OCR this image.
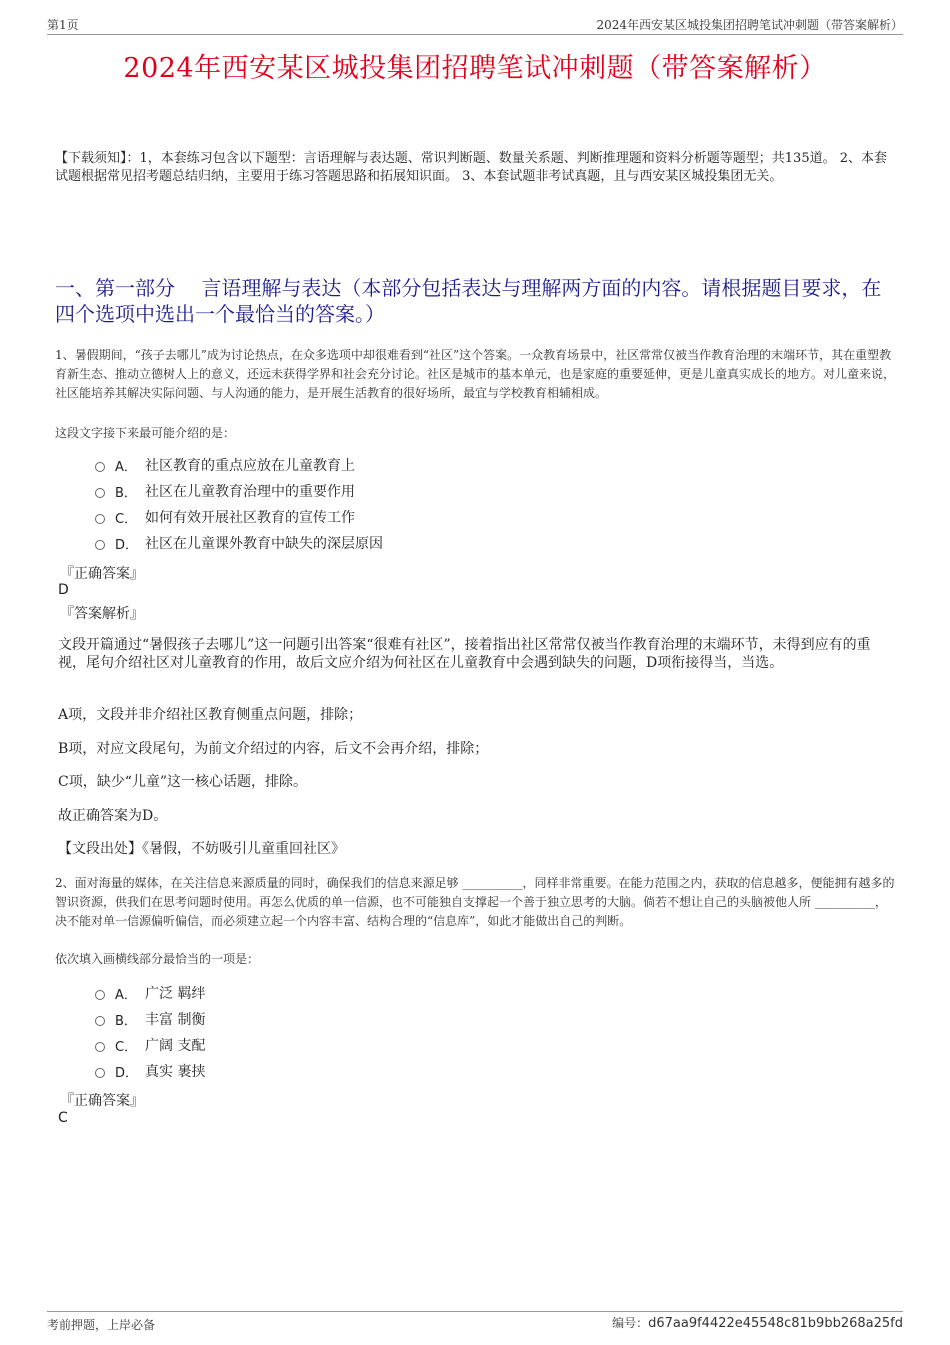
第1页	2024年西安某区城投集团招聘笔试冲刺题（带答案解析）
2024年西安某区城投集团招聘笔试冲刺题（带答案解析）
【下载须知】：1，本套练习包含以下题型：言语理解与表达题、常识判断题、数量关系题、判断推理题和资料分析题等题型；共135道。 2、本套试题根据常见招考题总结归纳，主要用于练习答题思路和拓展知识面。 3、本套试题非考试真题，且与西安某区城投集团无关。
一、第一部分　 言语理解与表达（本部分包括表达与理解两方面的内容。请根据题目要求，在四个选项中选出一个最恰当的答案。）
1、暑假期间，“孩子去哪儿”成为讨论热点，在众多选项中却很难看到“社区”这个答案。一众教育场景中，社区常常仅被当作教育治理的末端环节，其在重塑教育新生态、推动立德树人上的意义，还远未获得学界和社会充分讨论。社区是城市的基本单元，也是家庭的重要延伸，更是儿童真实成长的地方。对儿童来说，社区能培养其解决实际问题、与人沟通的能力，是开展生活教育的很好场所，最宜与学校教育相辅相成。
这段文字接下来最可能介绍的是：
A． 社区教育的重点应放在儿童教育上
B． 社区在儿童教育治理中的重要作用
C． 如何有效开展社区教育的宣传工作
D． 社区在儿童课外教育中缺失的深层原因
『正确答案』
D
『答案解析』
文段开篇通过“暑假孩子去哪儿”这一问题引出答案“很难有社区”，接着指出社区常常仅被当作教育治理的末端环节，未得到应有的重视，尾句介绍社区对儿童教育的作用，故后文应介绍为何社区在儿童教育中会遇到缺失的问题，D项衔接得当，当选。
A项，文段并非介绍社区教育侧重点问题，排除；
B项，对应文段尾句，为前文介绍过的内容，后文不会再介绍，排除；
C项，缺少“儿童”这一核心话题，排除。
故正确答案为D。
【文段出处】《暑假，不妨吸引儿童重回社区》
2、面对海量的媒体，在关注信息来源质量的同时，确保我们的信息来源足够 __________，同样非常重要。在能力范围之内，获取的信息越多，便能拥有越多的智识资源，供我们在思考问题时使用。再怎么优质的单一信源，也不可能独自支撑起一个善于独立思考的大脑。倘若不想让自己的头脑被他人所 __________，决不能对单一信源偏听偏信，而必须建立起一个内容丰富、结构合理的“信息库”，如此才能做出自己的判断。
依次填入画横线部分最恰当的一项是：
A． 广泛 羁绊
B． 丰富 制衡
C． 广阔 支配
D． 真实 裹挟
『正确答案』
C
考前押题，上岸必备	编号：d67aa9f4422e45548c81b9bb268a25fd
